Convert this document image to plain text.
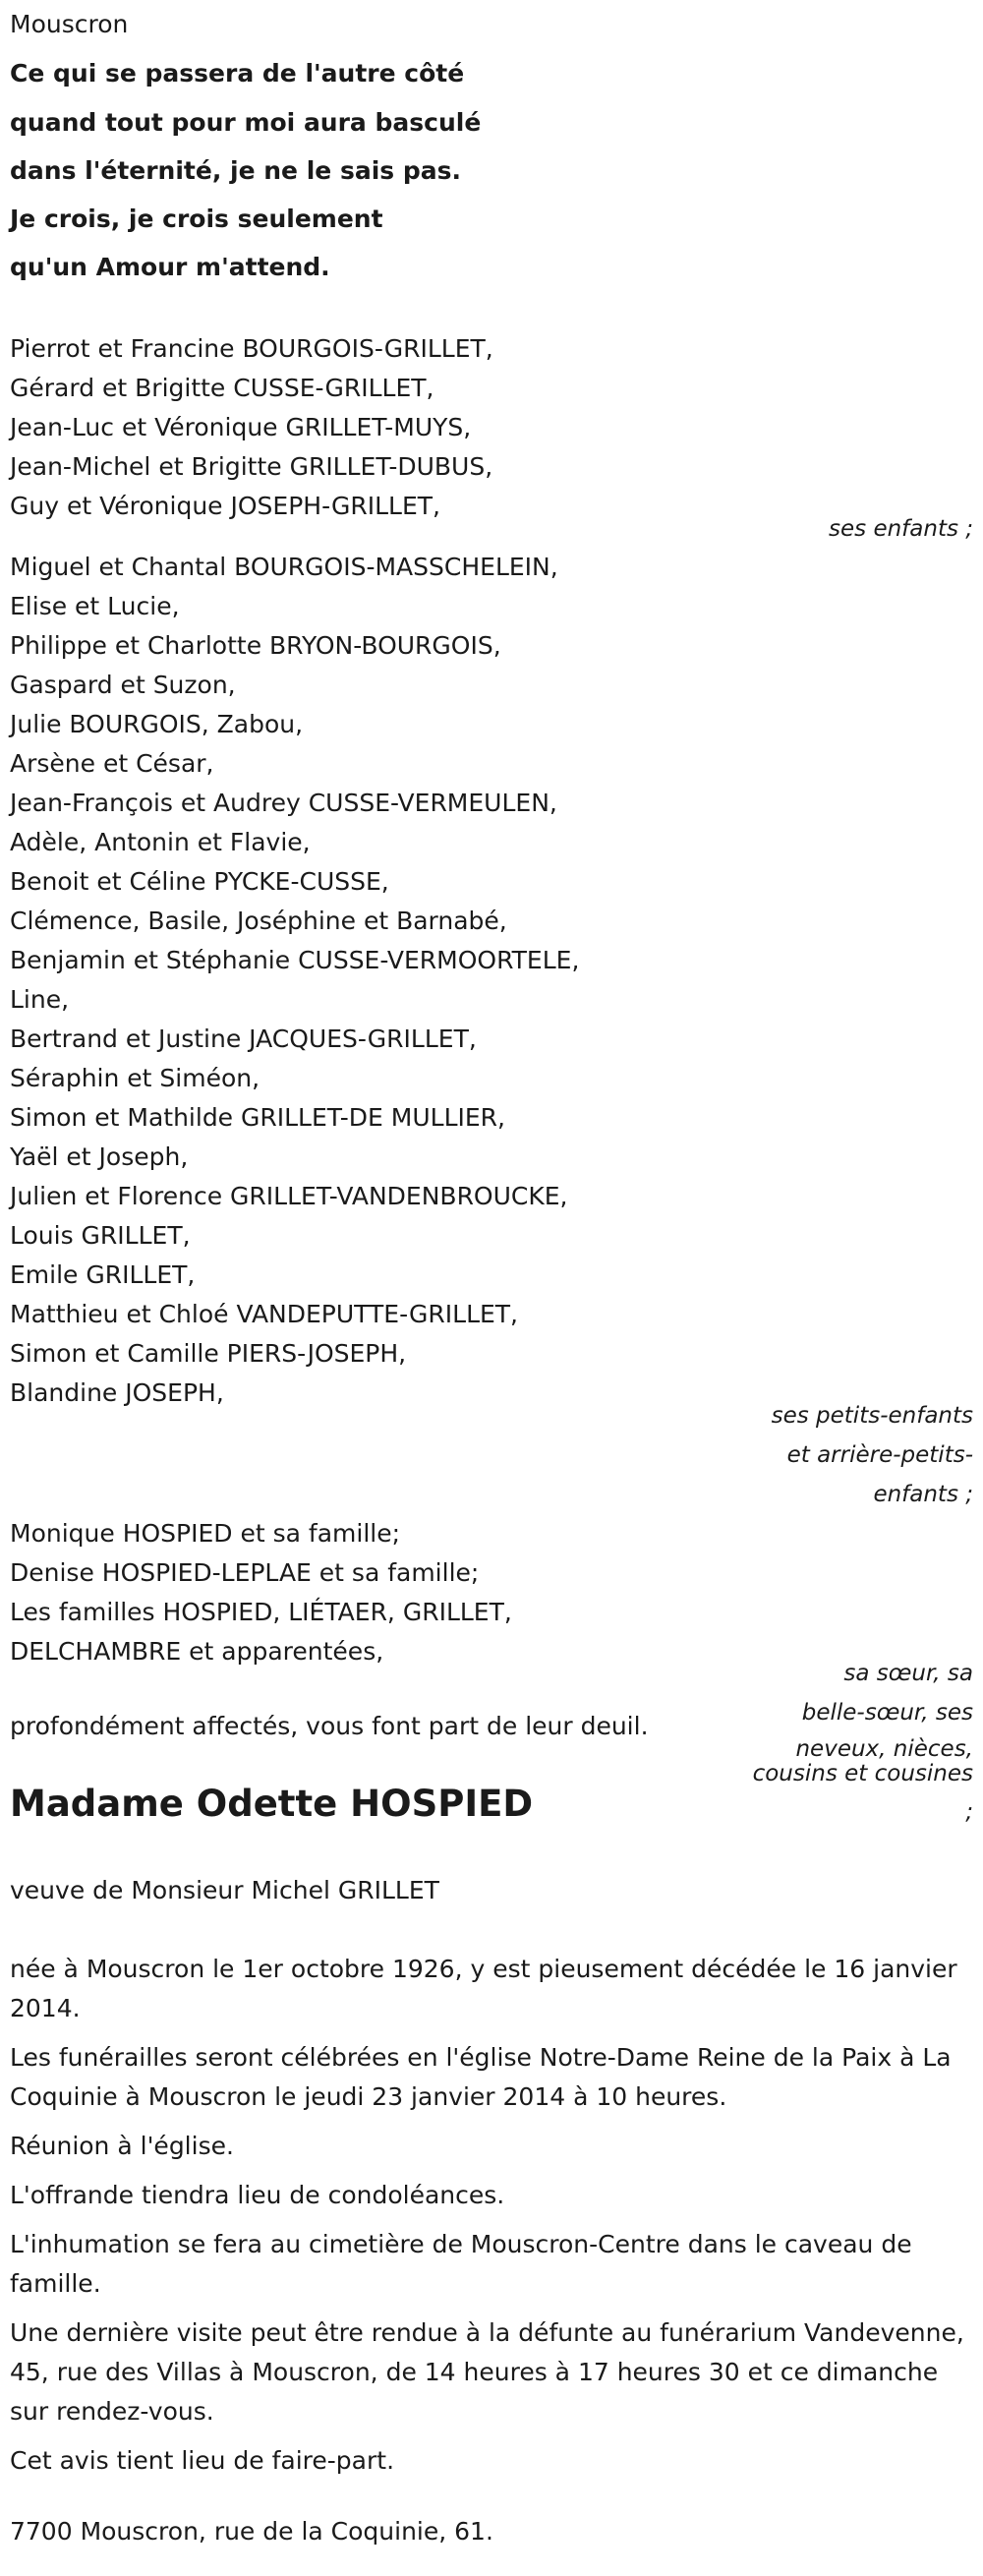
Mouscron
Ce qui se passera de l'autre côté
quand tout pour moi aura basculé
dans l'éternité, je ne le sais pas.
Je crois, je crois seulement
qu'un Amour m'attend.
Pierrot et Francine BOURGOIS-GRILLET,
Gérard et Brigitte CUSSE-GRILLET,
Jean-Luc et Véronique GRILLET-MUYS,
Jean-Michel et Brigitte GRILLET-DUBUS,
Guy et Véronique JOSEPH-GRILLET,
ses enfants ;
Miguel et Chantal BOURGOIS-MASSCHELEIN,
Elise et Lucie,
Philippe et Charlotte BRYON-BOURGOIS,
Gaspard et Suzon,
Julie BOURGOIS, Zabou,
Arsène et César,
Jean-François et Audrey CUSSE-VERMEULEN,
Adèle, Antonin et Flavie,
Benoit et Céline PYCKE-CUSSE,
Clémence, Basile, Joséphine et Barnabé,
Benjamin et Stéphanie CUSSE-VERMOORTELE,
Line,
Bertrand et Justine JACQUES-GRILLET,
Séraphin et Siméon,
Simon et Mathilde GRILLET-DE MULLIER,
Yaël et Joseph,
Julien et Florence GRILLET-VANDENBROUCKE,
Louis GRILLET,
Emile GRILLET,
Matthieu et Chloé VANDEPUTTE-GRILLET,
Simon et Camille PIERS-JOSEPH,
Blandine JOSEPH,
ses petits-enfants
et arrière-petits-
enfants ;
Monique HOSPIED et sa famille;
Denise HOSPIED-LEPLAE et sa famille;
Les familles HOSPIED, LIÉTAER, GRILLET,
DELCHAMBRE et apparentées,
sa sœur, sa
belle-sœur, ses
neveux, nièces,
cousins et cousines
;
profondément affectés, vous font part de leur deuil.
Madame Odette HOSPIED
veuve de Monsieur Michel GRILLET
née à Mouscron le 1er octobre 1926, y est pieusement décédée le 16 janvier 2014.
Les funérailles seront célébrées en l'église Notre-Dame Reine de la Paix à La Coquinie à Mouscron le jeudi 23 janvier 2014 à 10 heures.
Réunion à l'église.
L'offrande tiendra lieu de condoléances.
L'inhumation se fera au cimetière de Mouscron-Centre dans le caveau de famille.
Une dernière visite peut être rendue à la défunte au funérarium Vandevenne, 45, rue des Villas à Mouscron, de 14 heures à 17 heures 30 et ce dimanche sur rendez-vous.
Cet avis tient lieu de faire-part.
7700 Mouscron, rue de la Coquinie, 61.
